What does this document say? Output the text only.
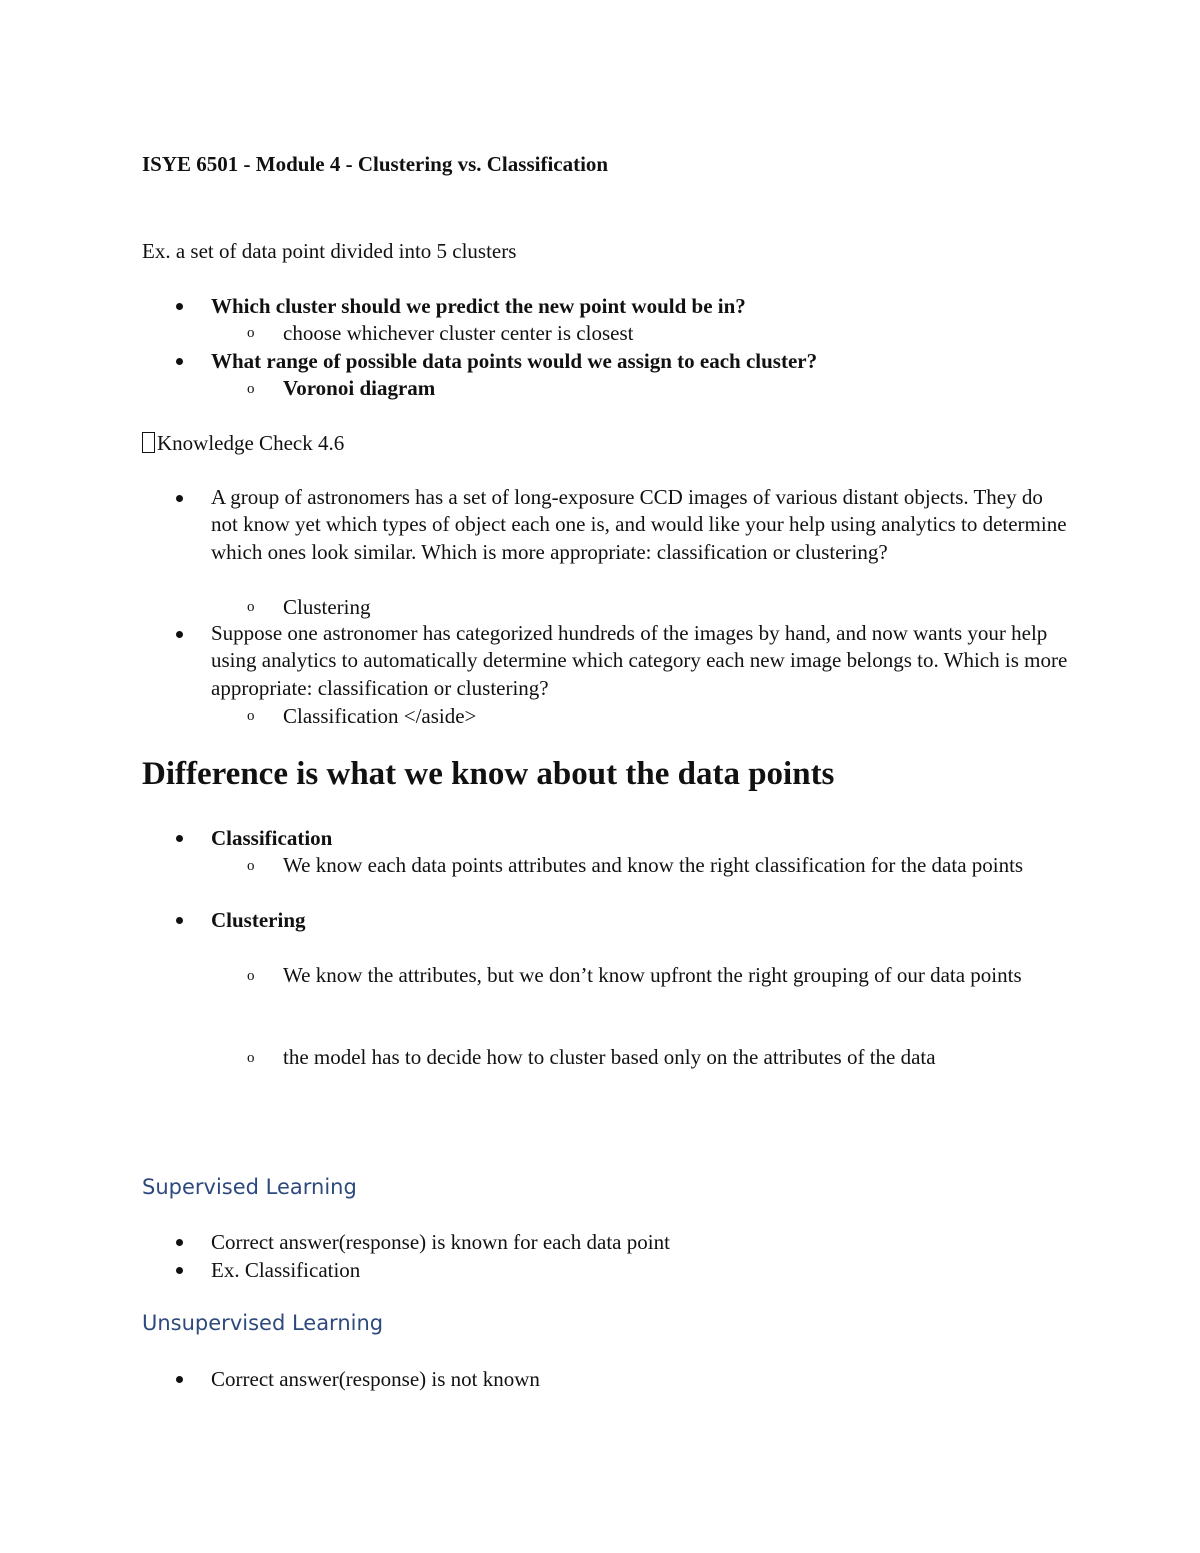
ISYE 6501 - Module 4 - Clustering vs. Classification
Ex. a set of data point divided into 5 clusters
Which cluster should we predict the new point would be in?
o choose whichever cluster center is closest
What range of possible data points would we assign to each cluster?
o Voronoi diagram
Knowledge Check 4.6
A group of astronomers has a set of long-exposure CCD images of various distant objects. They do not know yet which types of object each one is, and would like your help using analytics to determine which ones look similar. Which is more appropriate: classification or clustering?
o Clustering
Suppose one astronomer has categorized hundreds of the images by hand, and now wants your help using analytics to automatically determine which category each new image belongs to. Which is more appropriate: classification or clustering?
o Classification </aside>
Difference is what we know about the data points
Classification
o We know each data points attributes and know the right classification for the data points
Clustering
o We know the attributes, but we don’t know upfront the right grouping of our data points
o the model has to decide how to cluster based only on the attributes of the data
Supervised Learning
Correct answer(response) is known for each data point
Ex. Classification
Unsupervised Learning
Correct answer(response) is not known
